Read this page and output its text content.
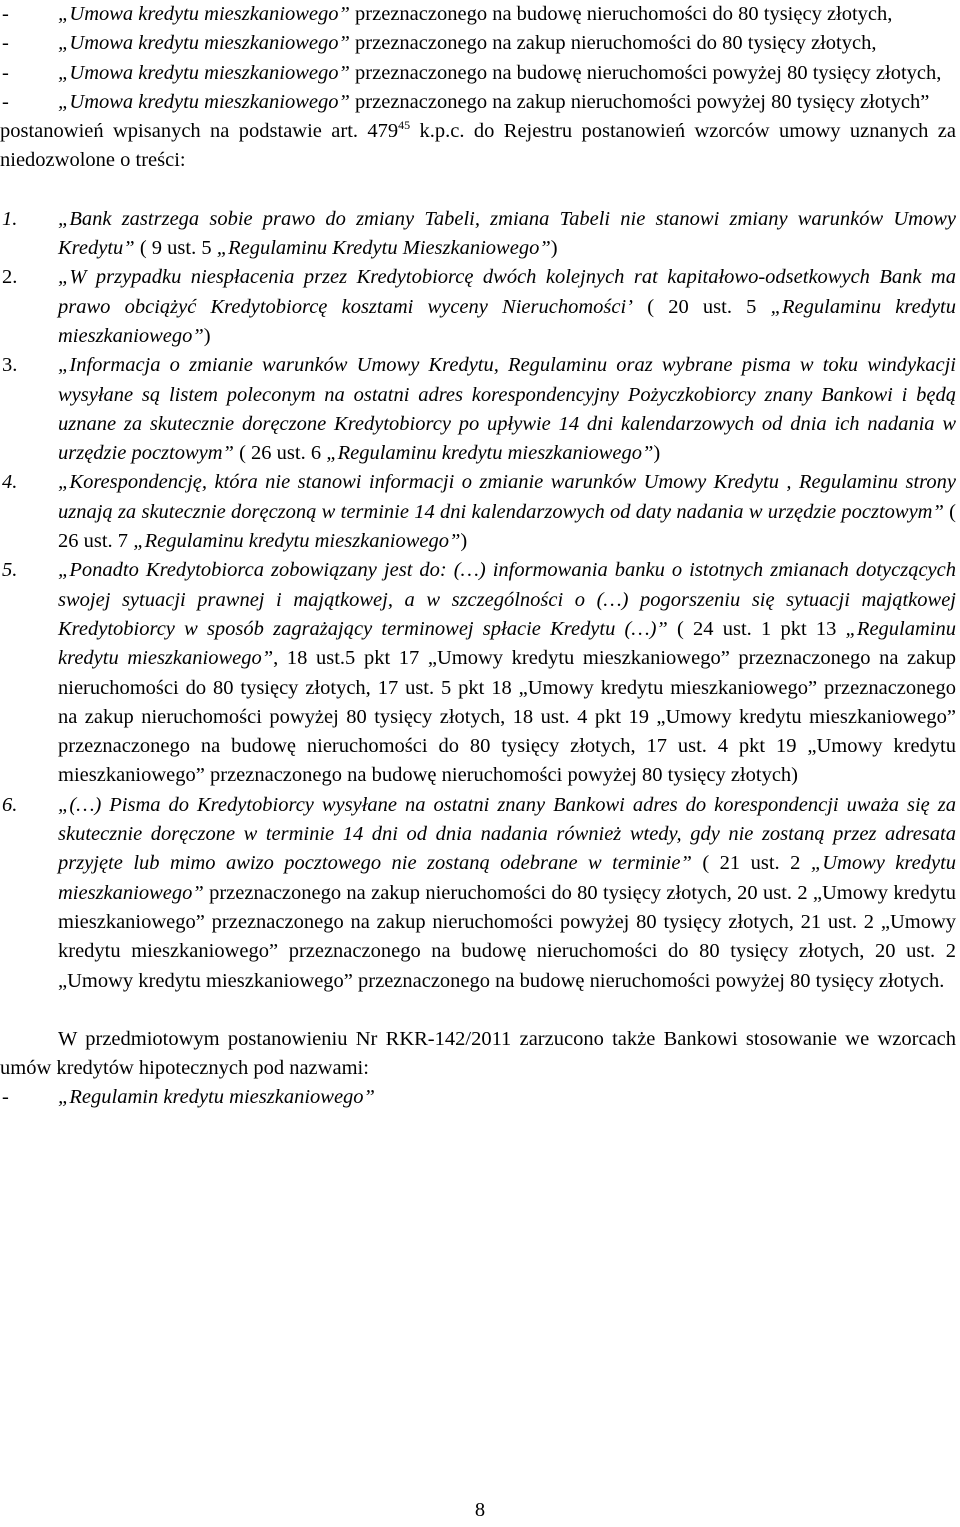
- „Umowa kredytu mieszkaniowego” przeznaczonego na budowę nieruchomości do 80 tysięcy złotych,
- „Umowa kredytu mieszkaniowego” przeznaczonego na zakup nieruchomości do 80 tysięcy złotych,
- „Umowa kredytu mieszkaniowego” przeznaczonego na budowę nieruchomości powyżej 80 tysięcy złotych,
- „Umowa kredytu mieszkaniowego” przeznaczonego na zakup nieruchomości powyżej 80 tysięcy złotych”

postanowień wpisanych na podstawie art. $479^{45}$ k.p.c. do Rejestru postanowień wzorców umowy uznanych za niedozwolone o treści:

1. „Bank zastrzega sobie prawo do zmiany Tabeli, zmiana Tabeli nie stanowi zmiany warunków Umowy Kredytu” ( 9 ust. 5 „Regulaminu Kredytu Mieszkaniowego”)
2. „W przypadku niespłacenia przez Kredytobiorcę dwóch kolejnych rat kapitałowo-odsetkowych Bank ma prawo obciążyć Kredytobiorcę kosztami wyceny Nieruchomości’ ( 20 ust. 5 „Regulaminu kredytu mieszkaniowego”)
3. „Informacja o zmianie warunków Umowy Kredytu, Regulaminu oraz wybrane pisma w toku windykacji wysyłane są listem poleconym na ostatni adres korespondencyjny Pożyczkobiorcy znany Bankowi i będą uznane za skutecznie doręczone Kredytobiorcy po upływie 14 dni kalendarzowych od dnia ich nadania w urzędzie pocztowym” ( 26 ust. 6 „Regulaminu kredytu mieszkaniowego”)
4. „Korespondencję, która nie stanowi informacji o zmianie warunków Umowy Kredytu , Regulaminu strony uznają za skutecznie doręczoną w terminie 14 dni kalendarzowych od daty nadania w urzędzie pocztowym” ( 26 ust. 7 „Regulaminu kredytu mieszkaniowego”)
5. „Ponadto Kredytobiorca zobowiązany jest do: (…) informowania banku o istotnych zmianach dotyczących swojej sytuacji prawnej i majątkowej, a w szczególności o (…) pogorszeniu się sytuacji majątkowej Kredytobiorcy w sposób zagrażający terminowej spłacie Kredytu (…)” ( 24 ust. 1 pkt 13 „Regulaminu kredytu mieszkaniowego”, 18 ust.5 pkt 17 „Umowy kredytu mieszkaniowego” przeznaczonego na zakup nieruchomości do 80 tysięcy złotych, 17 ust. 5 pkt 18 „Umowy kredytu mieszkaniowego” przeznaczonego na zakup nieruchomości powyżej 80 tysięcy złotych, 18 ust. 4 pkt 19 „Umowy kredytu mieszkaniowego” przeznaczonego na budowę nieruchomości do 80 tysięcy złotych, 17 ust. 4 pkt 19 „Umowy kredytu mieszkaniowego” przeznaczonego na budowę nieruchomości powyżej 80 tysięcy złotych)
6. „(…) Pisma do Kredytobiorcy wysyłane na ostatni znany Bankowi adres do korespondencji uważa się za skutecznie doręczone w terminie 14 dni od dnia nadania również wtedy, gdy nie zostaną przez adresata przyjęte lub mimo awizo pocztowego nie zostaną odebrane w terminie” ( 21 ust. 2 „Umowy kredytu mieszkaniowego” przeznaczonego na zakup nieruchomości do 80 tysięcy złotych, 20 ust. 2 „Umowy kredytu mieszkaniowego” przeznaczonego na zakup nieruchomości powyżej 80 tysięcy złotych, 21 ust. 2 „Umowy kredytu mieszkaniowego” przeznaczonego na budowę nieruchomości do 80 tysięcy złotych, 20 ust. 2 „Umowy kredytu mieszkaniowego” przeznaczonego na budowę nieruchomości powyżej 80 tysięcy złotych.

W przedmiotowym postanowieniu Nr RKR-142/2011 zarzucono także Bankowi stosowanie we wzorcach umów kredytów hipotecznych pod nazwami:

- „Regulamin kredytu mieszkaniowego”
8
